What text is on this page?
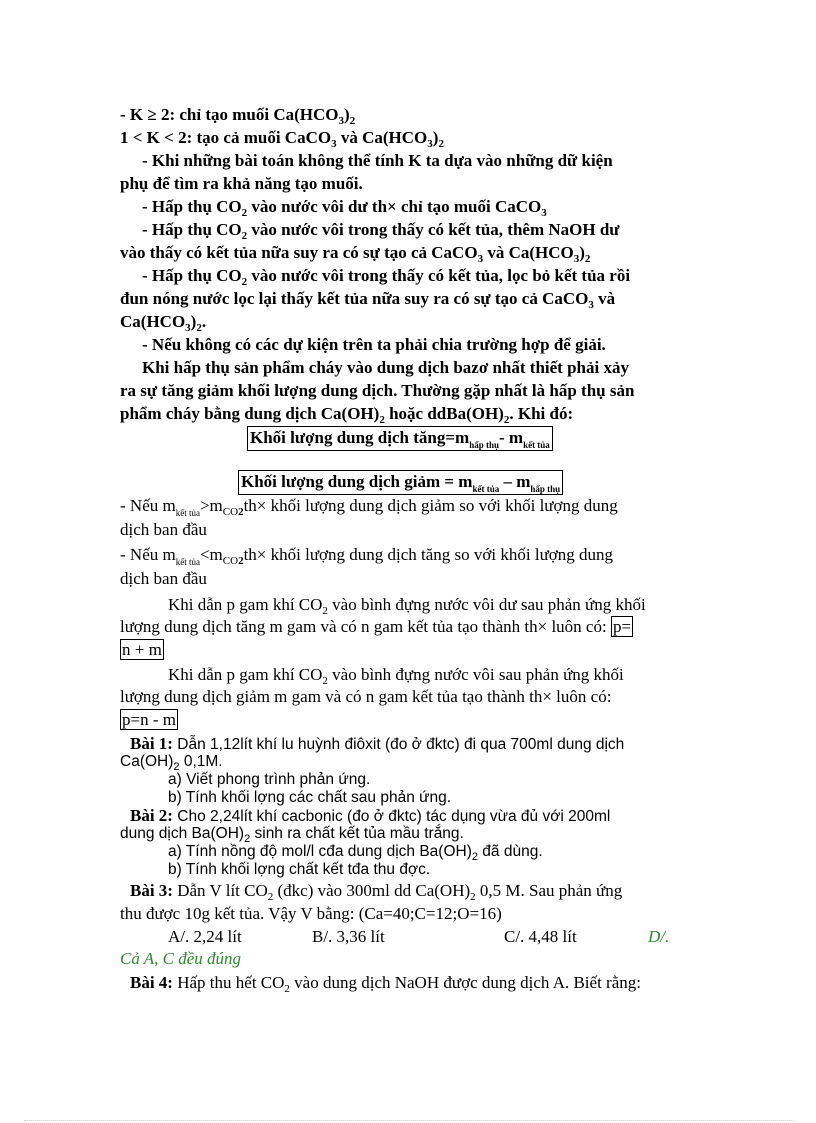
- K ≥ 2: chỉ tạo muối $Ca(HCO_3)_2$
1 < K < 2: tạo cả muối CaCO$_3$ và $Ca(HCO_3)_2$
- Khi những bài toán không thể tính K ta dựa vào những dữ kiện
phụ để tìm ra khả năng tạo muối.
- Hấp thụ $CO_2$ vào nước vôi dư th× chỉ tạo muối CaCO$_3$
- Hấp thụ $CO_2$ vào nước vôi trong thấy có kết tủa, thêm NaOH dư
vào thấy có kết tủa nữa suy ra có sự tạo cả CaCO$_3$ và $Ca(HCO_3)_2$
- Hấp thụ $CO_2$ vào nước vôi trong thấy có kết tủa, lọc bỏ kết tủa rồi
đun nóng nước lọc lại thấy kết tủa nữa suy ra có sự tạo cả CaCO$_3$ và
$Ca(HCO_3)_2$.
- Nếu không có các dự kiện trên ta phải chia trường hợp để giải.
Khi hấp thụ sản phẩm cháy vào dung dịch bazơ nhất thiết phải xảy
ra sự tăng giảm khối lượng dung dịch. Thường gặp nhất là hấp thụ sản
phẩm cháy bằng dung dịch $Ca(OH)_2$ hoặc $ddBa(OH)_2$. Khi đó:
Khối lượng dung dịch $tăng=m_{hấp thụ}-$ $m_{kết tủa}$
Khối lượng dung dịch giảm = $m_{kết tủa} - m_{hấp thụ}$
- Nếu $m_{kết tủa}>m_{CO2}th\times$ khối lượng dung dịch giảm so với khối lượng dung
dịch ban đầu
- Nếu $m_{kết tủa}<m_{CO2}th\times$ khối lượng dung dịch tăng so với khối lượng dung
dịch ban đầu
Khi dẫn p gam khí $CO_2$ vào bình đựng nước vôi dư sau phản ứng khối
lượng dung dịch tăng m gam và có n gam kết tủa tạo thành th× luôn có: p=
n + m
Khi dẫn p gam khí $CO_2$ vào bình đựng nước vôi sau phản ứng khối
lượng dung dịch giảm m gam và có n gam kết tủa tạo thành th× luôn có:
p=n - m
Bài 1: Dẫn 1,12lít khí lu huỳnh điôxit (đo ở đktc) đi qua 700ml dung dịch
$Ca(OH)_2$ 0,1M.
a) Viết phong trình phản ứng.
b) Tính khối lợng các chất sau phản ứng.
Bài 2: Cho 2,24lít khí cacbonic (đo ở đktc) tác dụng vừa đủ với 200ml
dung dịch $Ba(OH)_2$ sinh ra chất kết tủa mầu trắng.
a) Tính nồng độ mol/l cđa dung dịch $Ba(OH)_2$ đã dùng.
b) Tính khối lợng chất kết tđa thu đợc.
Bài 3: Dẫn V lít $CO_2$ (đkc) vào 300ml dd $Ca(OH)_2$ 0,5 M. Sau phản ứng
thu được 10g kết tủa. Vậy V bằng: (Ca=40;C=12;O=16)
A/. 2,24 lít	B/. 3,36 lít	C/. 4,48 lít	D/.
Cả A, C đều đúng
Bài 4: Hấp thu hết $CO_2$ vào dung dịch NaOH được dung dịch A. Biết rằng:
